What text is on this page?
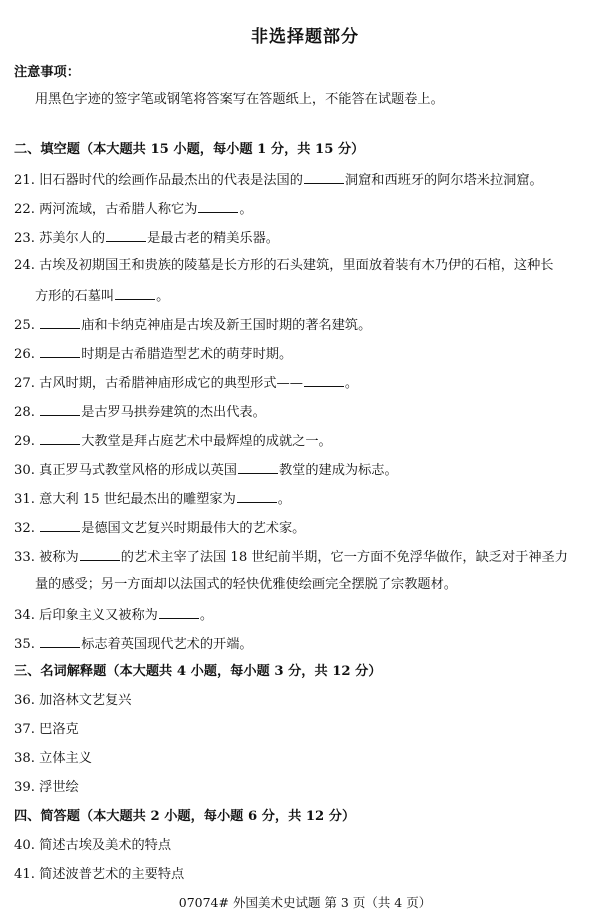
非选择题部分
注意事项：
用黑色字迹的签字笔或钢笔将答案写在答题纸上，不能答在试题卷上。
二、填空题（本大题共 15 小题，每小题 1 分，共 15 分）
21. 旧石器时代的绘画作品最杰出的代表是法国的	洞窟和西班牙的阿尔塔米拉洞窟。
22. 两河流域，古希腊人称它为	。
23. 苏美尔人的	是最古老的精美乐器。
24. 古埃及初期国王和贵族的陵墓是长方形的石头建筑，里面放着装有木乃伊的石棺，这种长
方形的石墓叫	。
25.	庙和卡纳克神庙是古埃及新王国时期的著名建筑。
26.	时期是古希腊造型艺术的萌芽时期。
27. 古风时期，古希腊神庙形成它的典型形式——	。
28.	是古罗马拱券建筑的杰出代表。
29.	大教堂是拜占庭艺术中最辉煌的成就之一。
30. 真正罗马式教堂风格的形成以英国	教堂的建成为标志。
31. 意大利 15 世纪最杰出的雕塑家为	。
32.	是德国文艺复兴时期最伟大的艺术家。
33. 被称为	的艺术主宰了法国 18 世纪前半期，它一方面不免浮华做作，缺乏对于神圣力
量的感受；另一方面却以法国式的轻快优雅使绘画完全摆脱了宗教题材。
34. 后印象主义又被称为	。
35.	标志着英国现代艺术的开端。
三、名词解释题（本大题共 4 小题，每小题 3 分，共 12 分）
36. 加洛林文艺复兴
37. 巴洛克
38. 立体主义
39. 浮世绘
四、简答题（本大题共 2 小题，每小题 6 分，共 12 分）
40. 简述古埃及美术的特点
41. 简述波普艺术的主要特点
07074# 外国美术史试题 第 3 页（共 4 页）
